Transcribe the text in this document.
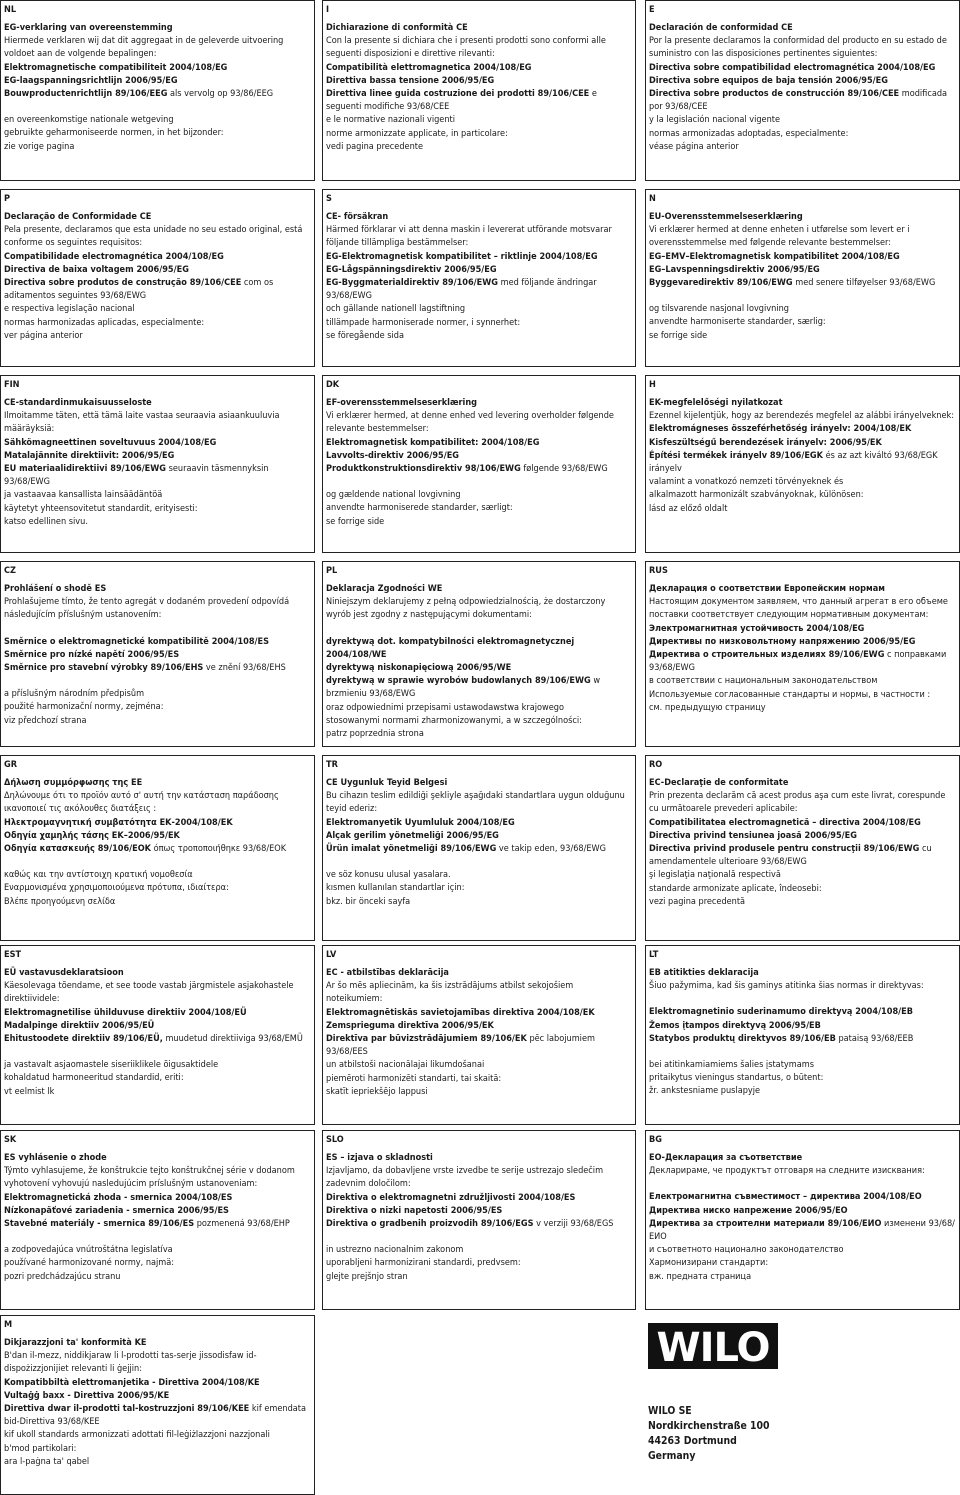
NL
EG-verklaring van overeenstemming
Hiermede verklaren wij dat dit aggregaat in de geleverde uitvoering voldoet aan de volgende bepalingen:
Elektromagnetische compatibiliteit 2004/108/EG
EG-laagspanningsrichtlijn 2006/95/EG
Bouwproductenrichtlijn 89/106/EEG als vervolg op 93/86/EEG
en overeenkomstige nationale wetgeving
gebruikte geharmoniseerde normen, in het bijzonder:
zie vorige pagina
I
Dichiarazione di conformità CE
Con la presente si dichiara che i presenti prodotti sono conformi alle seguenti disposizioni e direttive rilevanti:
Compatibilità elettromagnetica 2004/108/EG
Direttiva bassa tensione 2006/95/EG
Direttiva linee guida costruzione dei prodotti 89/106/CEE e seguenti modifiche 93/68/CEE
e le normative nazionali vigenti
norme armonizzate applicate, in particolare:
vedi pagina precedente
E
Declaración de conformidad CE
Por la presente declaramos la conformidad del producto en su estado de suministro con las disposiciones pertinentes siguientes:
Directiva sobre compatibilidad electromagnética 2004/108/EG
Directiva sobre equipos de baja tensión 2006/95/EG
Directiva sobre productos de construcción 89/106/CEE modificada por 93/68/CEE
y la legislación nacional vigente
normas armonizadas adoptadas, especialmente:
véase página anterior
P
Declaração de Conformidade CE
Pela presente, declaramos que esta unidade no seu estado original, está conforme os seguintes requisitos:
Compatibilidade electromagnética 2004/108/EG
Directiva de baixa voltagem 2006/95/EG
Directiva sobre produtos de construção 89/106/CEE com os aditamentos seguintes 93/68/EWG
e respectiva legislação nacional
normas harmonizadas aplicadas, especialmente:
ver página anterior
S
CE- försäkran
Härmed förklarar vi att denna maskin i levererat utförande motsvarar följande tillämpliga bestämmelser:
EG-Elektromagnetisk kompatibilitet – riktlinje 2004/108/EG
EG-Lågspänningsdirektiv 2006/95/EG
EG-Byggmaterialdirektiv 89/106/EWG med följande ändringar 93/68/EWG
och gällande nationell lagstiftning
tillämpade harmoniserade normer, i synnerhet:
se föregående sida
N
EU-Overensstemmelseserklæring
Vi erklærer hermed at denne enheten i utførelse som levert er i overensstemmelse med følgende relevante bestemmelser:
EG–EMV–Elektromagnetisk kompatibilitet 2004/108/EG
EG–Lavspenningsdirektiv 2006/95/EG
Byggevaredirektiv 89/106/EWG med senere tilføyelser 93/68/EWG
og tilsvarende nasjonal lovgivning
anvendte harmoniserte standarder, særlig:
se forrige side
FIN
CE-standardinmukaisuusseloste
Ilmoitamme täten, että tämä laite vastaa seuraavia asiaankuuluvia määräyksiä:
Sähkömagneettinen soveltuvuus 2004/108/EG
Matalajännite direktiivit: 2006/95/EG
EU materiaalidirektiivi 89/106/EWG seuraavin täsmennyksin 93/68/EWG
ja vastaavaa kansallista lainsäädäntöä
käytetyt yhteensovitetut standardit, erityisesti:
katso edellinen sivu.
DK
EF-overensstemmelseserklæring
Vi erklærer hermed, at denne enhed ved levering overholder følgende relevante bestemmelser:
Elektromagnetisk kompatibilitet: 2004/108/EG
Lavvolts-direktiv 2006/95/EG
Produktkonstruktionsdirektiv 98/106/EWG følgende 93/68/EWG
og gældende national lovgivning
anvendte harmoniserede standarder, særligt:
se forrige side
H
EK-megfelelőségi nyilatkozat
Ezennel kijelentjük, hogy az berendezés megfelel az alábbi irányelveknek:
Elektromágneses összeférhetőség irányelv: 2004/108/EK
Kisfeszültségű berendezések irányelv: 2006/95/EK
Építési termékek irányelv 89/106/EGK és az azt kiváltó 93/68/EGK irányelv
valamint a vonatkozó nemzeti törvényeknek és
alkalmazott harmonizált szabványoknak, különösen:
lásd az előző oldalt
CZ
Prohlášení o shodě ES
Prohlašujeme tímto, že tento agregát v dodaném provedení odpovídá následujícím příslušným ustanovením:
Směrnice o elektromagnetické kompatibilitě 2004/108/ES
Směrnice pro nízké napětí 2006/95/ES
Směrnice pro stavební výrobky 89/106/EHS ve znění 93/68/EHS
a příslušným národním předpisům
použité harmonizační normy, zejména:
viz předchozí strana
PL
Deklaracja Zgodności WE
Niniejszym deklarujemy z pełną odpowiedzialnością, że dostarczony wyrób jest zgodny z następującymi dokumentami:
dyrektywą dot. kompatybilności elektromagnetycznej 2004/108/WE
dyrektywą niskonapięciową 2006/95/WE
dyrektywą w sprawie wyrobów budowlanych 89/106/EWG w brzmieniu 93/68/EWG
oraz odpowiednimi przepisami ustawodawstwa krajowego
stosowanymi normami zharmonizowanymi, a w szczególności:
patrz poprzednia strona
RUS
Декларация о соответствии Европейским нормам
Настоящим документом заявляем, что данный агрегат в его объеме поставки соответствует следующим нормативным документам:
Электромагнитная устойчивость 2004/108/EG
Директивы по низковольтному напряжению 2006/95/EG
Директива о строительных изделиях 89/106/EWG с поправками 93/68/EWG
в соответствии с национальным законодательством
Используемые согласованные стандарты и нормы, в частности :
см. предыдущую страницу
GR
Δήλωση συμμόρφωσης της ΕΕ
Δηλώνουμε ότι το προϊόν αυτό σ' αυτή την κατάσταση παράδοσης ικανοποιεί τις ακόλουθες διατάξεις :
Ηλεκτρομαγνητική συμβατότητα ΕΚ-2004/108/ΕΚ
Οδηγία χαμηλής τάσης ΕΚ–2006/95/ΕΚ
Οδηγία κατασκευής 89/106/ΕΟΚ όπως τροποποιήθηκε 93/68/ΕΟΚ
καθώς και την αντίστοιχη κρατική νομοθεσία
Εναρμονισμένα χρησιμοποιούμενα πρότυπα, ιδιαίτερα:
Βλέπε προηγούμενη σελίδα
TR
CE Uygunluk Teyid Belgesi
Bu cihazın teslim edildiği şekliyle aşağıdaki standartlara uygun olduğunu teyid ederiz:
Elektromanyetik Uyumluluk 2004/108/EG
Alçak gerilim yönetmeliği 2006/95/EG
Ürün imalat yönetmeliği 89/106/EWG ve takip eden, 93/68/EWG
ve söz konusu ulusal yasalara.
kısmen kullanılan standartlar için:
bkz. bir önceki sayfa
RO
EC-Declaraţie de conformitate
Prin prezenta declarăm că acest produs aşa cum este livrat, corespunde cu următoarele prevederi aplicabile:
Compatibilitatea electromagnetică – directiva 2004/108/EG
Directiva privind tensiunea joasă 2006/95/EG
Directiva privind produsele pentru construcţii 89/106/EWG cu amendamentele ulterioare 93/68/EWG
şi legislaţia naţională respectivă
standarde armonizate aplicate, îndeosebi:
vezi pagina precedentă
EST
EÜ vastavusdeklaratsioon
Käesolevaga tõendame, et see toode vastab järgmistele asjakohastele direktiividele:
Elektromagnetilise ühilduvuse direktiiv 2004/108/EÜ
Madalpinge direktiiv 2006/95/EÜ
Ehitustoodete direktiiv 89/106/EÜ, muudetud direktiiviga 93/68/EMÜ
ja vastavalt asjaomastele siseriiklikele õigusaktidele
kohaldatud harmoneeritud standardid, eriti:
vt eelmist lk
LV
EC - atbilstības deklarācija
Ar šo mēs apliecinām, ka šis izstrādājums atbilst sekojošiem noteikumiem:
Elektromagnētiskās savietojamības direktīva 2004/108/EK
Zemsprieguma direktīva 2006/95/EK
Direktīva par būvizstrādājumiem 89/106/EK pēc labojumiem 93/68/EES
un atbilstoši nacionālajai likumdošanai
piemēroti harmonizēti standarti, tai skaitā:
skatīt iepriekšējo lappusi
LT
EB atitikties deklaracija
Šiuo pažymima, kad šis gaminys atitinka šias normas ir direktyvas:
Elektromagnetinio suderinamumo direktyvą 2004/108/EB
Žemos įtampos direktyvą 2006/95/EB
Statybos produktų direktyvos 89/106/EB pataisą 93/68/EEB
bei atitinkamiamiems šalies įstatymams
pritaikytus vieningus standartus, o būtent:
žr. ankstesniame puslapyje
SK
ES vyhlásenie o zhode
Týmto vyhlasujeme, že konštrukcie tejto konštrukčnej série v dodanom vyhotovení vyhovujú nasledujúcim príslušným ustanoveniam:
Elektromagnetická zhoda - smernica 2004/108/ES
Nízkonapäťové zariadenia - smernica 2006/95/ES
Stavebné materiály - smernica 89/106/ES pozmenená 93/68/EHP
a zodpovedajúca vnútroštátna legislatíva
používané harmonizované normy, najmä:
pozri predchádzajúcu stranu
SLO
ES – izjava o skladnosti
Izjavljamo, da dobavljene vrste izvedbe te serije ustrezajo sledečim zadevnim določilom:
Direktiva o elektromagnetni združljivosti 2004/108/ES
Direktiva o nizki napetosti 2006/95/ES
Direktiva o gradbenih proizvodih 89/106/EGS v verziji 93/68/EGS
in ustrezno nacionalnim zakonom
uporabljeni harmonizirani standardi, predvsem:
glejte prejšnjo stran
BG
ЕО-Декларация за съответствие
Декларираме, че продуктът отговаря на следните изисквания:
Електромагнитна съвместимост – директива 2004/108/ЕО
Директива ниско напрежение 2006/95/ЕО
Директива за строителни материали 89/106/ЕИО изменени 93/68/ЕИО
и съответното национално законодателство
Хармонизирани стандарти:
вж. предната страница
M
Dikjarazzjoni ta' konformità KE
B'dan il-mezz, niddikjaraw li l-prodotti tas-serje jissodisfaw id-dispożizzjonijiet relevanti li ġejjin:
Kompatibbiltà elettromanjetika - Direttiva 2004/108/KE
Vultaġġ baxx - Direttiva 2006/95/KE
Direttiva dwar il-prodotti tal-kostruzzjoni 89/106/KEE kif emendata bid-Direttiva 93/68/KEE
kif ukoll standards armonizzati adottati fil-leġiżlazzjoni nazzjonali
b'mod partikolari:
ara l-paġna ta' qabel
WILO
WILO SE
Nordkirchenstraße 100
44263 Dortmund
Germany
